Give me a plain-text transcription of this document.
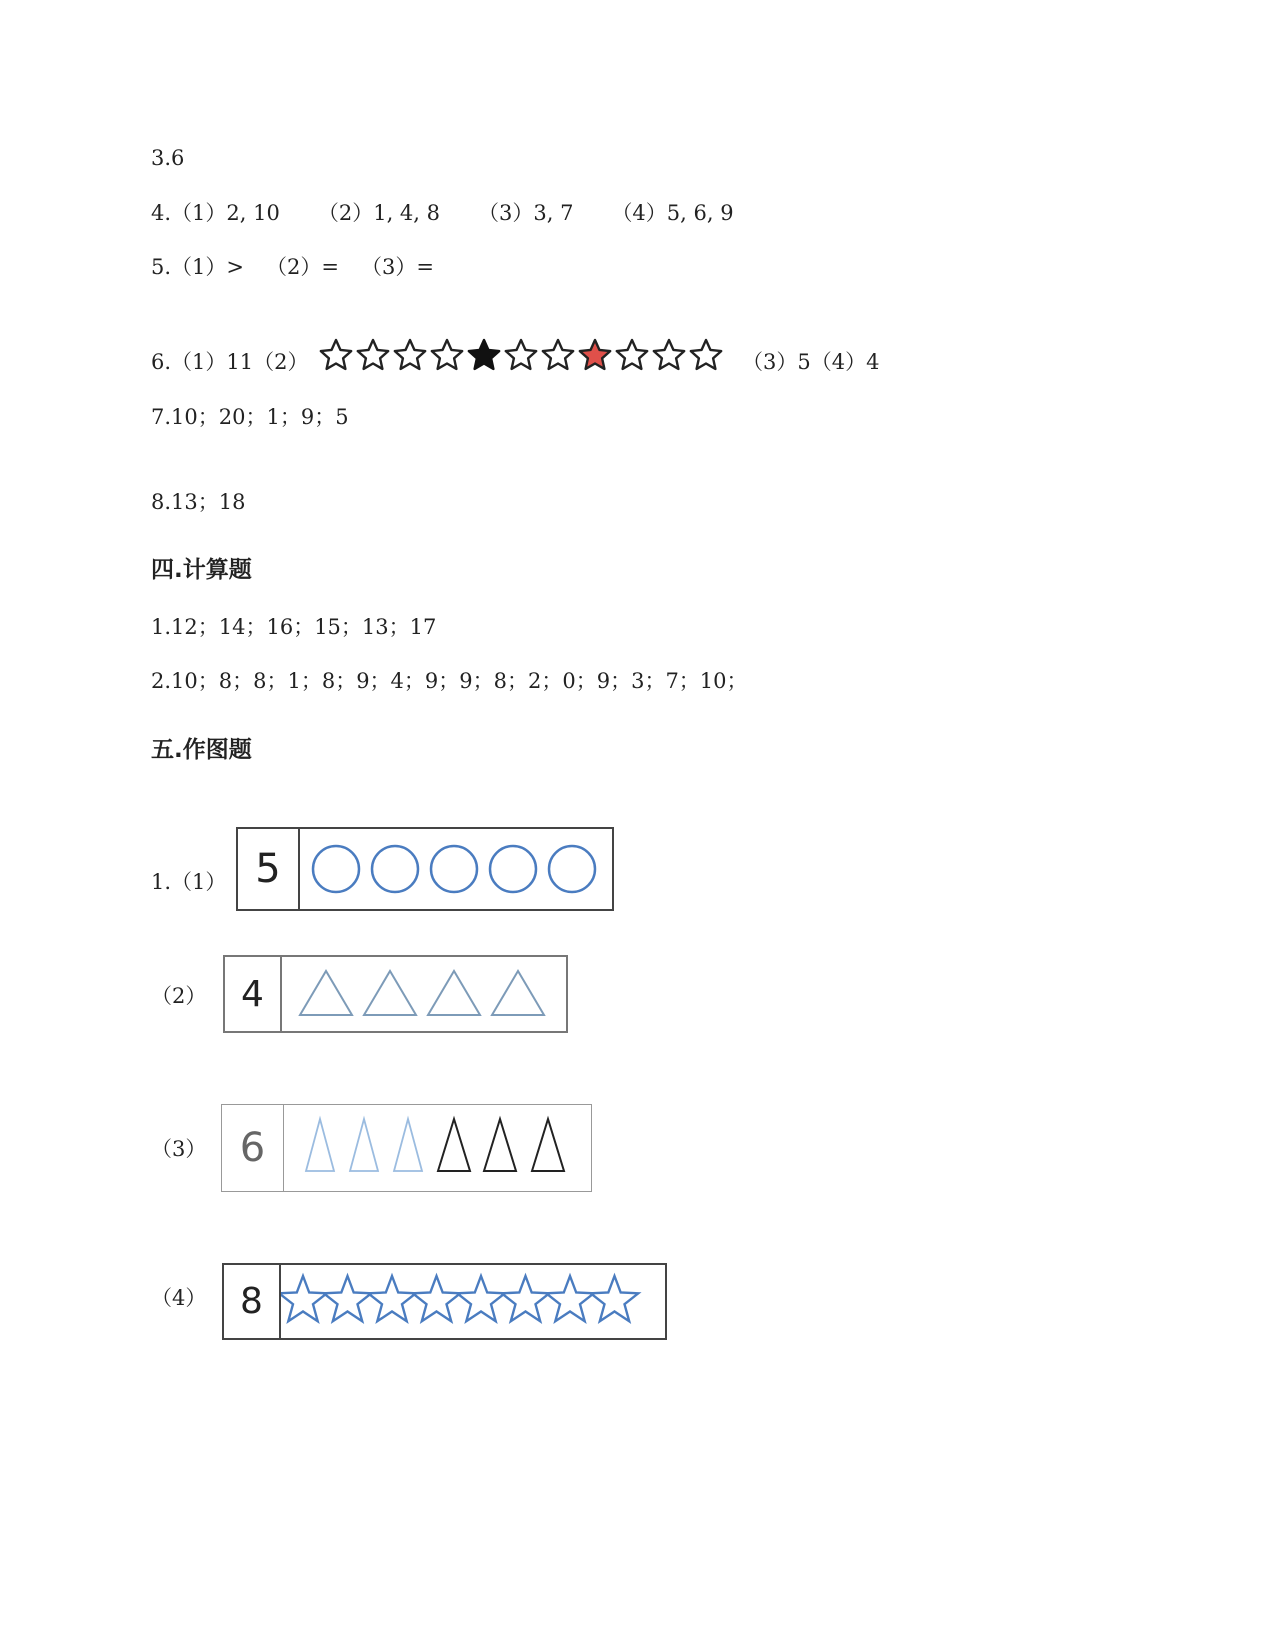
3.6
4.（1）2, 10 （2）1, 4, 8 （3）3, 7 （4）5, 6, 9
5.（1）> （2）= （3）=
6.（1）11（2）	（3）5（4）4
7.10；20；1；9；5
8.13；18
四.计算题
1.12；14；16；15；13；17
2.10；8；8；1；8；9；4；9；9；8；2；0；9；3；7；10；
五.作图题
1.（1） 5
（2） 4
（3） 6
（4） 8
